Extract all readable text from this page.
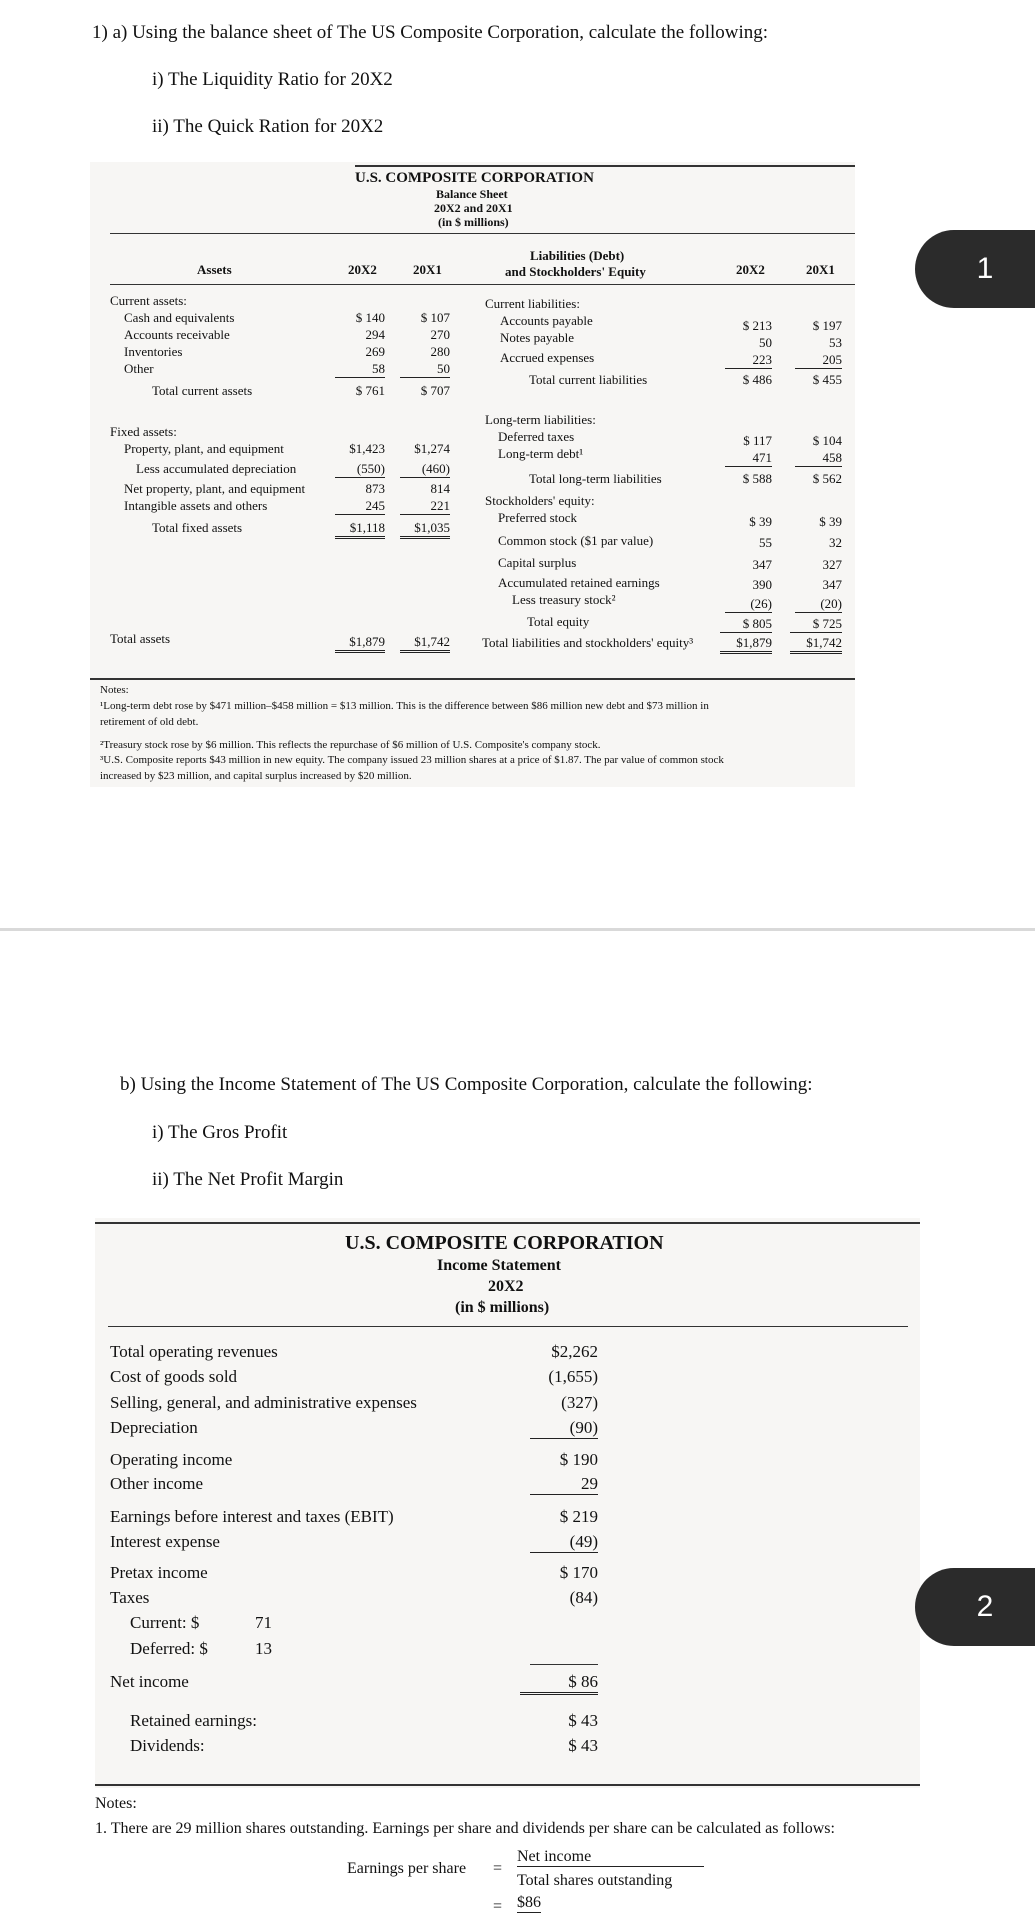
1) a) Using the balance sheet of The US Composite Corporation, calculate the following:
i) The Liquidity Ratio for 20X2
ii) The Quick Ration for 20X2
U.S. COMPOSITE CORPORATION
Balance Sheet
20X2 and 20X1
(in $ millions)
Assets	20X2	20X1
Liabilities (Debt)
and Stockholders' Equity	20X2	20X1
Current assets:
Cash and equivalents	$ 140	$ 107
Accounts receivable	294	270
Inventories	269	280
Other	58	50
Total current assets	$ 761	$ 707
Fixed assets:
Property, plant, and equipment	$1,423	$1,274
Less accumulated depreciation	(550)	(460)
Net property, plant, and equipment	873	814
Intangible assets and others	245	221
Total fixed assets	$1,118	$1,035
Total assets	$1,879	$1,742
Current liabilities:
Accounts payable	$ 213	$ 197
Notes payable	50	53
Accrued expenses	223	205
Total current liabilities	$ 486	$ 455
Long-term liabilities:
Deferred taxes	$ 117	$ 104
Long-term debt¹	471	458
Total long-term liabilities	$ 588	$ 562
Stockholders' equity:
Preferred stock	$ 39	$ 39
Common stock ($1 par value)	55	32
Capital surplus	347	327
Accumulated retained earnings	390	347
Less treasury stock²	(26)	(20)
Total equity	$ 805	$ 725
Total liabilities and stockholders' equity³	$1,879	$1,742
Notes:
¹Long-term debt rose by $471 million–$458 million = $13 million. This is the difference between $86 million new debt and $73 million in
retirement of old debt.
²Treasury stock rose by $6 million. This reflects the repurchase of $6 million of U.S. Composite's company stock.
³U.S. Composite reports $43 million in new equity. The company issued 23 million shares at a price of $1.87. The par value of common stock
increased by $23 million, and capital surplus increased by $20 million.
1
b) Using the Income Statement of The US Composite Corporation, calculate the following:
i) The Gros Profit
ii) The Net Profit Margin
U.S. COMPOSITE CORPORATION
Income Statement
20X2
(in $ millions)
Total operating revenues	$2,262
Cost of goods sold	(1,655)
Selling, general, and administrative expenses	(327)
Depreciation	(90)
Operating income	$ 190
Other income	29
Earnings before interest and taxes (EBIT)	$ 219
Interest expense	(49)
Pretax income	$ 170
Taxes	(84)
Current: $	71
Deferred: $	13
Net income	$ 86
Retained earnings:	$ 43
Dividends:	$ 43
Notes:
1. There are 29 million shares outstanding. Earnings per share and dividends per share can be calculated as follows:
Earnings per share =
Net income
Total shares outstanding
= $86
2
